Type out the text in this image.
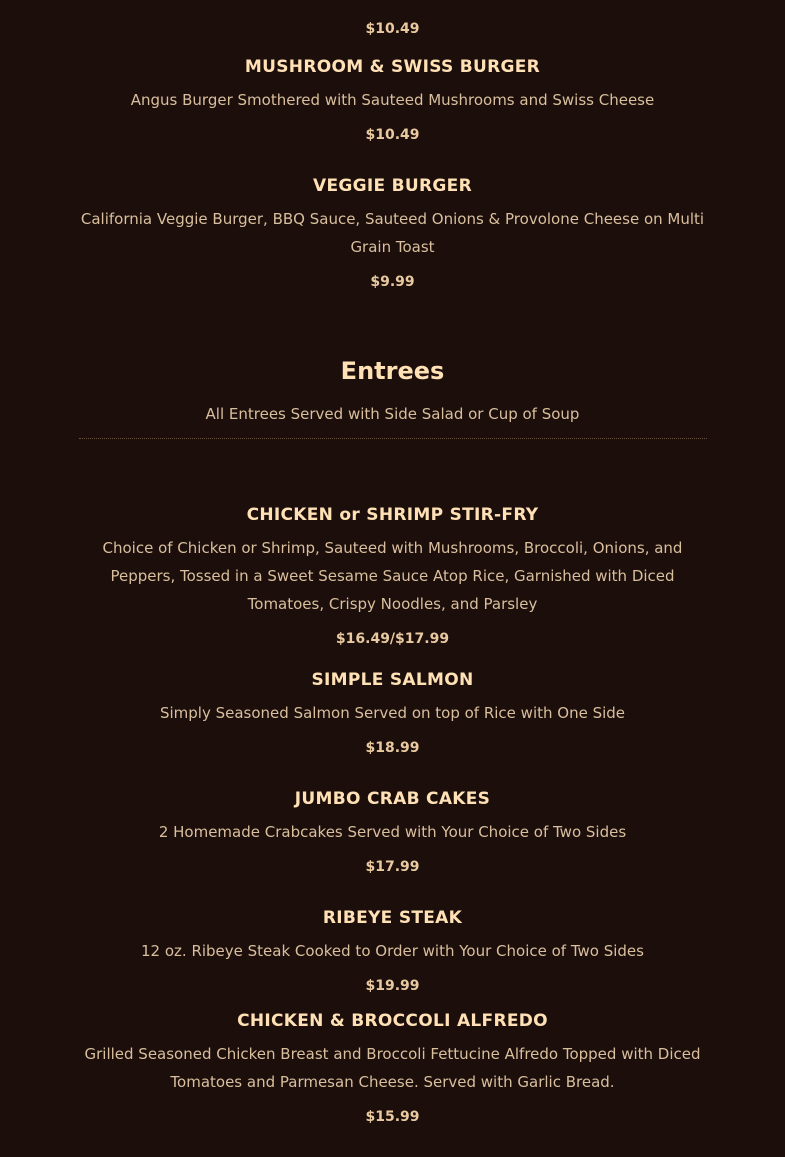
$10.49
MUSHROOM & SWISS BURGER
Angus Burger Smothered with Sauteed Mushrooms and Swiss Cheese
$10.49
VEGGIE BURGER
California Veggie Burger, BBQ Sauce, Sauteed Onions & Provolone Cheese on Multi Grain Toast
$9.99
Entrees
All Entrees Served with Side Salad or Cup of Soup
CHICKEN or SHRIMP STIR-FRY
Choice of Chicken or Shrimp, Sauteed with Mushrooms, Broccoli, Onions, and Peppers, Tossed in a Sweet Sesame Sauce Atop Rice, Garnished with Diced Tomatoes, Crispy Noodles, and Parsley
$16.49/$17.99
SIMPLE SALMON
Simply Seasoned Salmon Served on top of Rice with One Side
$18.99
JUMBO CRAB CAKES
2 Homemade Crabcakes Served with Your Choice of Two Sides
$17.99
RIBEYE STEAK
12 oz. Ribeye Steak Cooked to Order with Your Choice of Two Sides
$19.99
CHICKEN & BROCCOLI ALFREDO
Grilled Seasoned Chicken Breast and Broccoli Fettucine Alfredo Topped with Diced Tomatoes and Parmesan Cheese. Served with Garlic Bread.
$15.99
